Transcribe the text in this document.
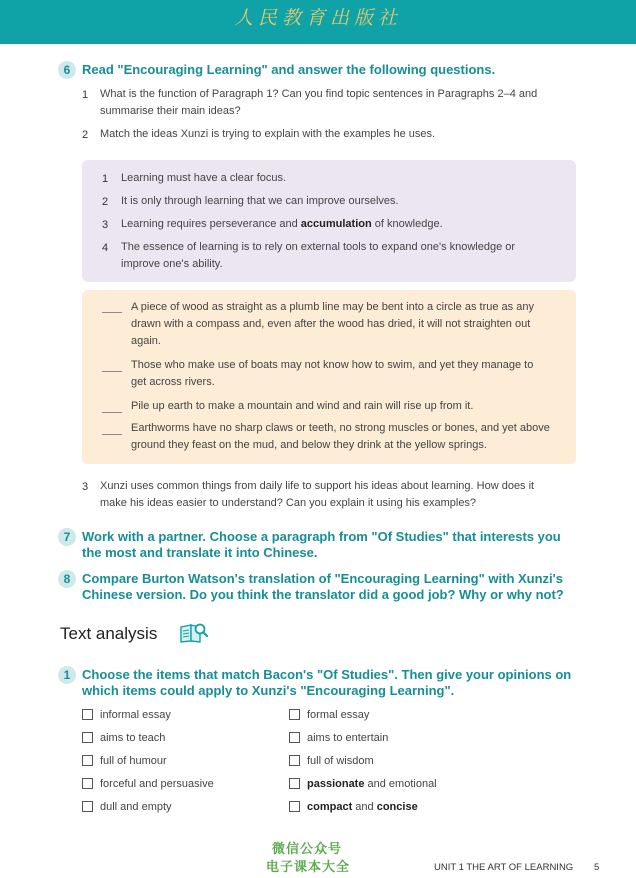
人民教育出版社
6 Read "Encouraging Learning" and answer the following questions.
1 What is the function of Paragraph 1? Can you find topic sentences in Paragraphs 2–4 and
summarise their main ideas?
2 Match the ideas Xunzi is trying to explain with the examples he uses.
1 Learning must have a clear focus.
2 It is only through learning that we can improve ourselves.
3 Learning requires perseverance and accumulation of knowledge.
4 The essence of learning is to rely on external tools to expand one's knowledge or
improve one's ability.
A piece of wood as straight as a plumb line may be bent into a circle as true as any
drawn with a compass and, even after the wood has dried, it will not straighten out
again.
Those who make use of boats may not know how to swim, and yet they manage to
get across rivers.
Pile up earth to make a mountain and wind and rain will rise up from it.
Earthworms have no sharp claws or teeth, no strong muscles or bones, and yet above
ground they feast on the mud, and below they drink at the yellow springs.
3 Xunzi uses common things from daily life to support his ideas about learning. How does it
make his ideas easier to understand? Can you explain it using his examples?
7 Work with a partner. Choose a paragraph from "Of Studies" that interests you
the most and translate it into Chinese.
8 Compare Burton Watson's translation of "Encouraging Learning" with Xunzi's
Chinese version. Do you think the translator did a good job? Why or why not?
Text analysis
1 Choose the items that match Bacon's "Of Studies". Then give your opinions on
which items could apply to Xunzi's "Encouraging Learning".
informal essay
aims to teach
full of humour
forceful and persuasive
dull and empty
formal essay
aims to entertain
full of wisdom
passionate and emotional
compact and concise
微信公众号
电子课本大全	UNIT 1 THE ART OF LEARNING 5
